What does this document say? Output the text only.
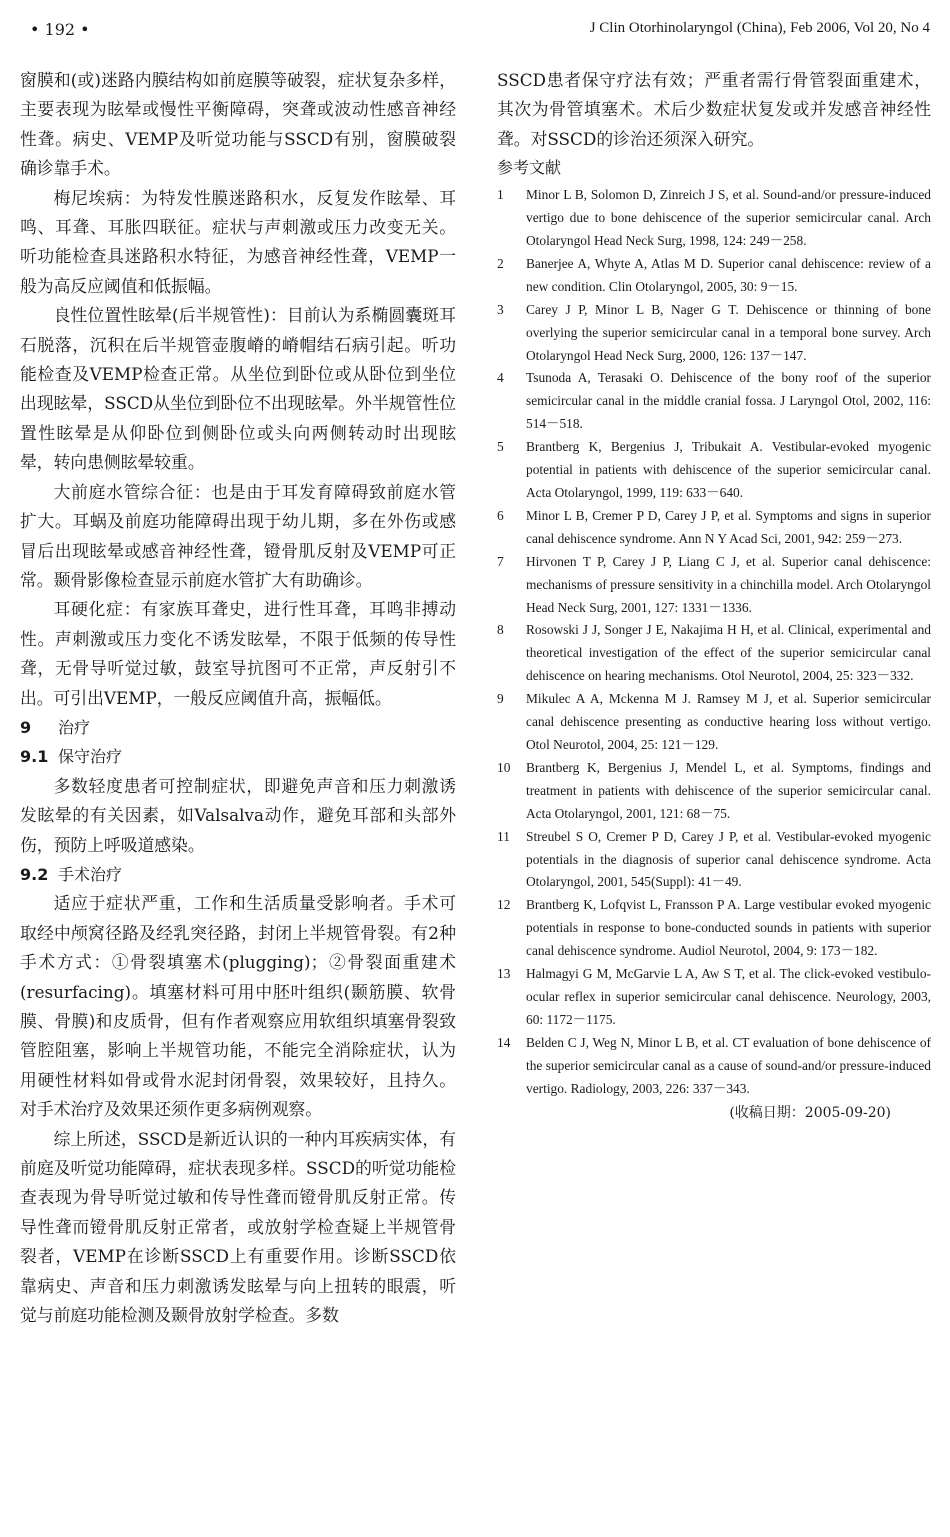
• 192 •	J Clin Otorhinolaryngol (China), Feb 2006, Vol 20, No 4

窗膜和(或)迷路内膜结构如前庭膜等破裂，症状复杂多样，主要表现为眩晕或慢性平衡障碍，突聋或波动性感音神经性聋。病史、VEMP及听觉功能与SSCD有别，窗膜破裂确诊靠手术。

梅尼埃病：为特发性膜迷路积水，反复发作眩晕、耳鸣、耳聋、耳胀四联征。症状与声刺激或压力改变无关。听功能检查具迷路积水特征，为感音神经性聋，VEMP一般为高反应阈值和低振幅。

良性位置性眩晕(后半规管性)：目前认为系椭圆囊斑耳石脱落，沉积在后半规管壶腹嵴的嵴帽结石病引起。听功能检查及VEMP检查正常。从坐位到卧位或从卧位到坐位出现眩晕，SSCD从坐位到卧位不出现眩晕。外半规管性位置性眩晕是从仰卧位到侧卧位或头向两侧转动时出现眩晕，转向患侧眩晕较重。

大前庭水管综合征：也是由于耳发育障碍致前庭水管扩大。耳蜗及前庭功能障碍出现于幼儿期，多在外伤或感冒后出现眩晕或感音神经性聋，镫骨肌反射及VEMP可正常。颞骨影像检查显示前庭水管扩大有助确诊。

耳硬化症：有家族耳聋史，进行性耳聋，耳鸣非搏动性。声刺激或压力变化不诱发眩晕，不限于低频的传导性聋，无骨导听觉过敏，鼓室导抗图可不正常，声反射引不出。可引出VEMP，一般反应阈值升高，振幅低。

9 治疗

9.1 保守治疗

多数轻度患者可控制症状，即避免声音和压力刺激诱发眩晕的有关因素，如Valsalva动作，避免耳部和头部外伤，预防上呼吸道感染。

9.2 手术治疗

适应于症状严重，工作和生活质量受影响者。手术可取经中颅窝径路及经乳突径路，封闭上半规管骨裂。有2种手术方式：①骨裂填塞术(plugging)；②骨裂面重建术(resurfacing)。填塞材料可用中胚叶组织(颞筋膜、软骨膜、骨膜)和皮质骨，但有作者观察应用软组织填塞骨裂致管腔阻塞，影响上半规管功能，不能完全消除症状，认为用硬性材料如骨或骨水泥封闭骨裂，效果较好，且持久。对手术治疗及效果还须作更多病例观察。

综上所述，SSCD是新近认识的一种内耳疾病实体，有前庭及听觉功能障碍，症状表现多样。SSCD的听觉功能检查表现为骨导听觉过敏和传导性聋而镫骨肌反射正常。传导性聋而镫骨肌反射正常者，或放射学检查疑上半规管骨裂者，VEMP在诊断SSCD上有重要作用。诊断SSCD依靠病史、声音和压力刺激诱发眩晕与向上扭转的眼震，听觉与前庭功能检测及颞骨放射学检查。多数

SSCD患者保守疗法有效；严重者需行骨管裂面重建术，其次为骨管填塞术。术后少数症状复发或并发感音神经性聋。对SSCD的诊治还须深入研究。

参考文献

1	Minor L B, Solomon D, Zinreich J S, et al. Sound-and/or pressure-induced vertigo due to bone dehiscence of the superior semicircular canal. Arch Otolaryngol Head Neck Surg, 1998, 124: 249－258.
2	Banerjee A, Whyte A, Atlas M D. Superior canal dehiscence: review of a new condition. Clin Otolaryngol, 2005, 30: 9－15.
3	Carey J P, Minor L B, Nager G T. Dehiscence or thinning of bone overlying the superior semicircular canal in a temporal bone survey. Arch Otolaryngol Head Neck Surg, 2000, 126: 137－147.
4	Tsunoda A, Terasaki O. Dehiscence of the bony roof of the superior semicircular canal in the middle cranial fossa. J Laryngol Otol, 2002, 116: 514－518.
5	Brantberg K, Bergenius J, Tribukait A. Vestibular-evoked myogenic potential in patients with dehiscence of the superior semicircular canal. Acta Otolaryngol, 1999, 119: 633－640.
6	Minor L B, Cremer P D, Carey J P, et al. Symptoms and signs in superior canal dehiscence syndrome. Ann N Y Acad Sci, 2001, 942: 259－273.
7	Hirvonen T P, Carey J P, Liang C J, et al. Superior canal dehiscence: mechanisms of pressure sensitivity in a chinchilla model. Arch Otolaryngol Head Neck Surg, 2001, 127: 1331－1336.
8	Rosowski J J, Songer J E, Nakajima H H, et al. Clinical, experimental and theoretical investigation of the effect of the superior semicircular canal dehiscence on hearing mechanisms. Otol Neurotol, 2004, 25: 323－332.
9	Mikulec A A, Mckenna M J. Ramsey M J, et al. Superior semicircular canal dehiscence presenting as conductive hearing loss without vertigo. Otol Neurotol, 2004, 25: 121－129.
10	Brantberg K, Bergenius J, Mendel L, et al. Symptoms, findings and treatment in patients with dehiscence of the superior semicircular canal. Acta Otolaryngol, 2001, 121: 68－75.
11	Streubel S O, Cremer P D, Carey J P, et al. Vestibular-evoked myogenic potentials in the diagnosis of superior canal dehiscence syndrome. Acta Otolaryngol, 2001, 545(Suppl): 41－49.
12	Brantberg K, Lofqvist L, Fransson P A. Large vestibular evoked myogenic potentials in response to bone-conducted sounds in patients with superior canal dehiscence syndrome. Audiol Neurotol, 2004, 9: 173－182.
13	Halmagyi G M, McGarvie L A, Aw S T, et al. The click-evoked vestibulo-ocular reflex in superior semicircular canal dehiscence. Neurology, 2003, 60: 1172－1175.
14	Belden C J, Weg N, Minor L B, et al. CT evaluation of bone dehiscence of the superior semicircular canal as a cause of sound-and/or pressure-induced vertigo. Radiology, 2003, 226: 337－343.
(收稿日期：2005-09-20)
